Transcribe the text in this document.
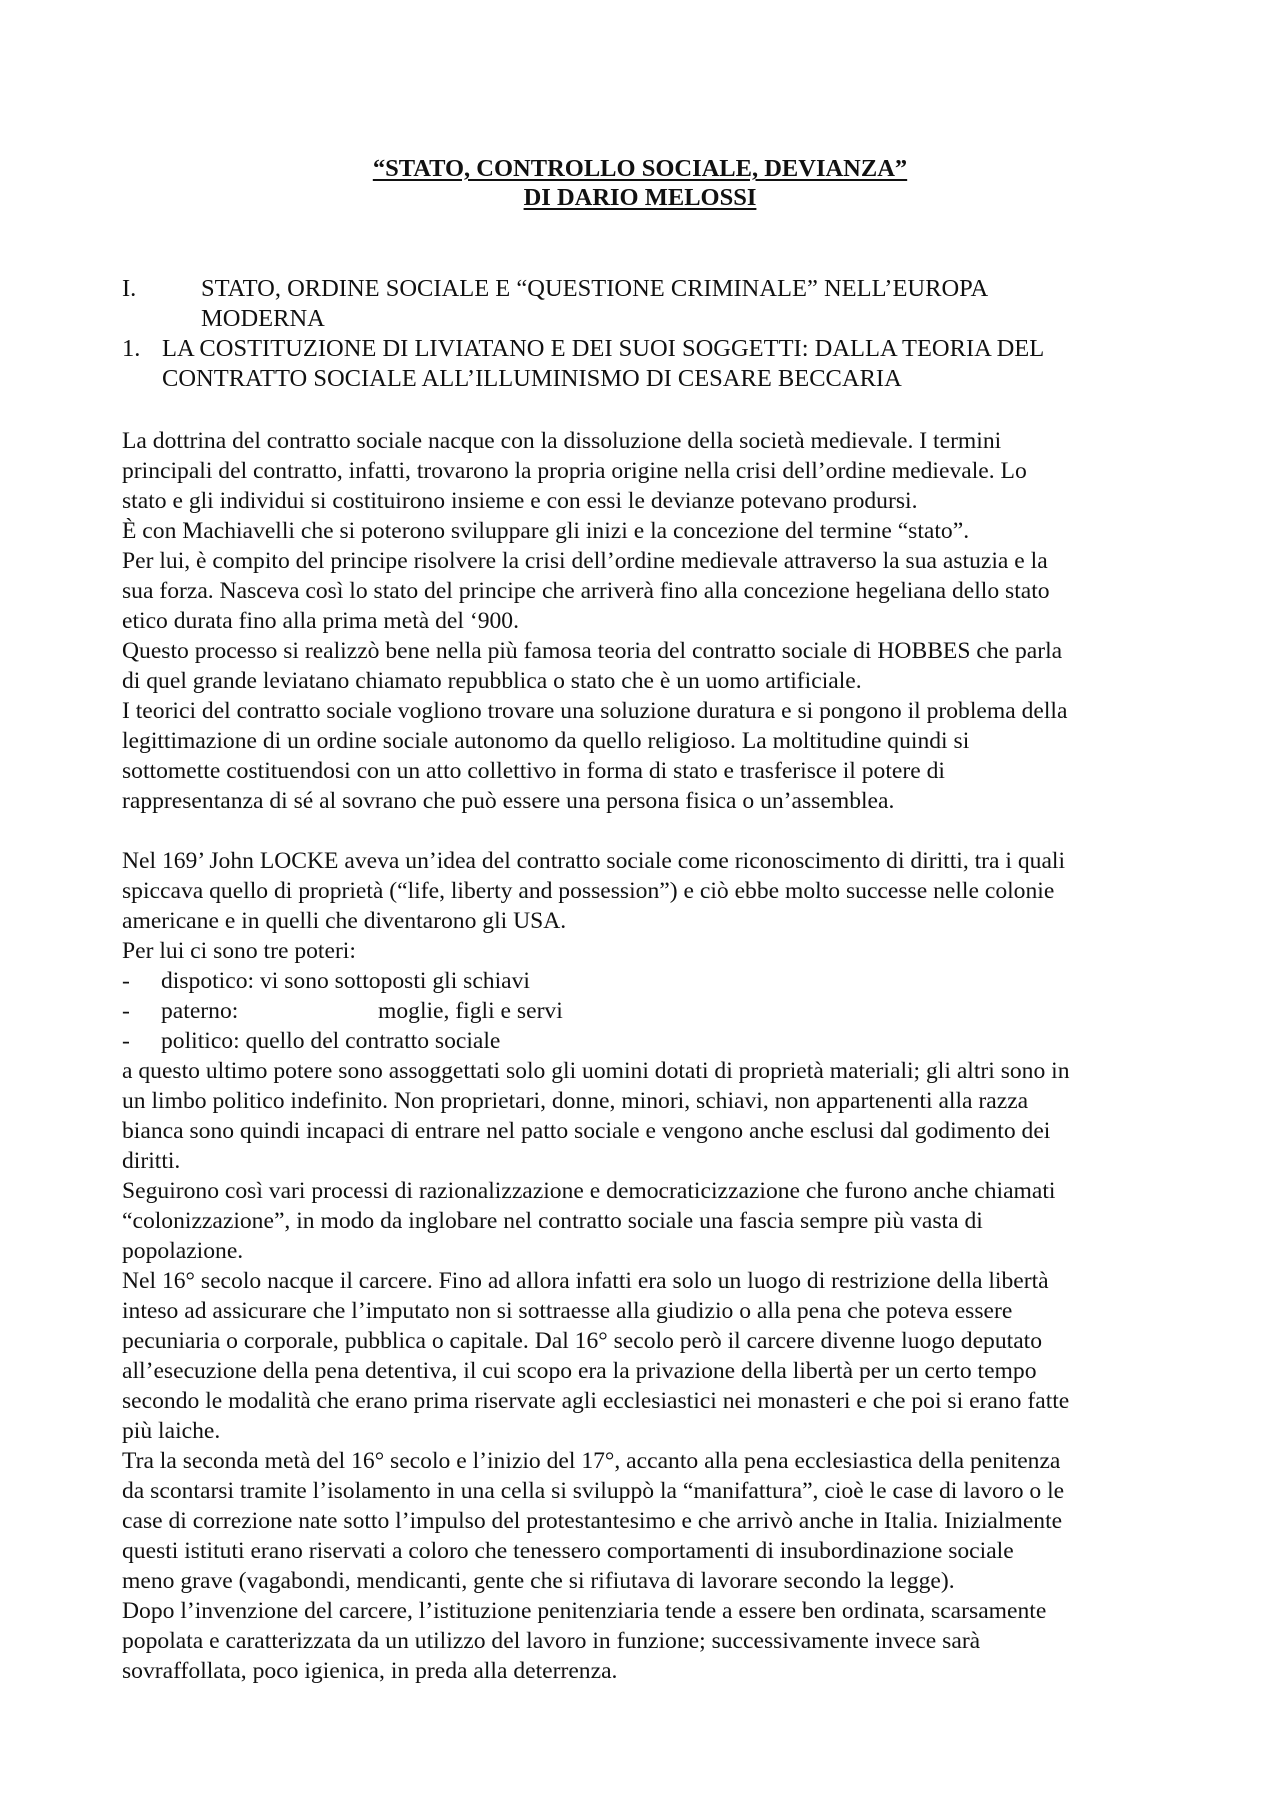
“STATO, CONTROLLO SOCIALE, DEVIANZA”
DI DARIO MELOSSI
I.	STATO, ORDINE SOCIALE E “QUESTIONE CRIMINALE” NELL’EUROPA
MODERNA
1. LA COSTITUZIONE DI LIVIATANO E DEI SUOI SOGGETTI: DALLA TEORIA DEL
CONTRATTO SOCIALE ALL’ILLUMINISMO DI CESARE BECCARIA
La dottrina del contratto sociale nacque con la dissoluzione della società medievale. I termini
principali del contratto, infatti, trovarono la propria origine nella crisi dell’ordine medievale. Lo
stato e gli individui si costituirono insieme e con essi le devianze potevano prodursi.
È con Machiavelli che si poterono sviluppare gli inizi e la concezione del termine “stato”.
Per lui, è compito del principe risolvere la crisi dell’ordine medievale attraverso la sua astuzia e la
sua forza. Nasceva così lo stato del principe che arriverà fino alla concezione hegeliana dello stato
etico durata fino alla prima metà del ‘900.
Questo processo si realizzò bene nella più famosa teoria del contratto sociale di HOBBES che parla
di quel grande leviatano chiamato repubblica o stato che è un uomo artificiale.
I teorici del contratto sociale vogliono trovare una soluzione duratura e si pongono il problema della
legittimazione di un ordine sociale autonomo da quello religioso. La moltitudine quindi si
sottomette costituendosi con un atto collettivo in forma di stato e trasferisce il potere di
rappresentanza di sé al sovrano che può essere una persona fisica o un’assemblea.
Nel 169’ John LOCKE aveva un’idea del contratto sociale come riconoscimento di diritti, tra i quali
spiccava quello di proprietà (“life, liberty and possession”) e ciò ebbe molto successe nelle colonie
americane e in quelli che diventarono gli USA.
Per lui ci sono tre poteri:
- dispotico: vi sono sottoposti gli schiavi
- paterno:	moglie, figli e servi
- politico: quello del contratto sociale
a questo ultimo potere sono assoggettati solo gli uomini dotati di proprietà materiali; gli altri sono in
un limbo politico indefinito. Non proprietari, donne, minori, schiavi, non appartenenti alla razza
bianca sono quindi incapaci di entrare nel patto sociale e vengono anche esclusi dal godimento dei
diritti.
Seguirono così vari processi di razionalizzazione e democraticizzazione che furono anche chiamati
“colonizzazione”, in modo da inglobare nel contratto sociale una fascia sempre più vasta di
popolazione.
Nel 16° secolo nacque il carcere. Fino ad allora infatti era solo un luogo di restrizione della libertà
inteso ad assicurare che l’imputato non si sottraesse alla giudizio o alla pena che poteva essere
pecuniaria o corporale, pubblica o capitale. Dal 16° secolo però il carcere divenne luogo deputato
all’esecuzione della pena detentiva, il cui scopo era la privazione della libertà per un certo tempo
secondo le modalità che erano prima riservate agli ecclesiastici nei monasteri e che poi si erano fatte
più laiche.
Tra la seconda metà del 16° secolo e l’inizio del 17°, accanto alla pena ecclesiastica della penitenza
da scontarsi tramite l’isolamento in una cella si sviluppò la “manifattura”, cioè le case di lavoro o le
case di correzione nate sotto l’impulso del protestantesimo e che arrivò anche in Italia. Inizialmente
questi istituti erano riservati a coloro che tenessero comportamenti di insubordinazione sociale
meno grave (vagabondi, mendicanti, gente che si rifiutava di lavorare secondo la legge).
Dopo l’invenzione del carcere, l’istituzione penitenziaria tende a essere ben ordinata, scarsamente
popolata e caratterizzata da un utilizzo del lavoro in funzione; successivamente invece sarà
sovraffollata, poco igienica, in preda alla deterrenza.
